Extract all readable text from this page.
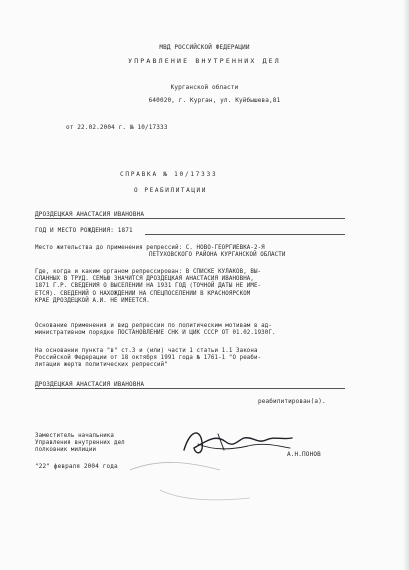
МВД РОССИЙСКОЙ ФЕДЕРАЦИИ
УПРАВЛЕНИЕ ВНУТРЕННИХ ДЕЛ
Курганской области
640020, г. Курган, ул. Куйбышева,81
от 22.02.2004 г. № 10/17333
СПРАВКА № 10/17333
О РЕАБИЛИТАЦИИ
ДРОЗДЕЦКАЯ АНАСТАСИЯ ИВАНОВНА
ГОД И МЕСТО РОЖДЕНИЯ: 1871
Место жительства до применения репрессий: С. НОВО-ГЕОРГИЕВКА-2-Я
ПЕТУХОВСКОГО РАЙОНА КУРГАНСКОЙ ОБЛАСТИ
Где, когда и каким органом репрессирован: В СПИСКЕ КУЛАКОВ, ВЫ-
СЛАННЫХ В ТРУД. СЕМЬЮ ЗНАЧИТСЯ ДРОЗДЕЦКАЯ АНАСТАСИЯ ИВАНОВНА,
1871 Г.Р. СВЕДЕНИЯ О ВЫСЕЛЕНИИ НА 1931 ГОД (ТОЧНОЙ ДАТЫ НЕ ИМЕ-
ЕТСЯ). СВЕДЕНИЙ О НАХОЖДЕНИИ НА СПЕЦПОСЕЛЕНИИ В КРАСНОЯРСКОМ
КРАЕ ДРОЗДЕЦКОЙ А.И. НЕ ИМЕЕТСЯ.
Основание применения и вид репрессии по политическим мотивам в ад-
министративном порядке ПОСТАНОВЛЕНИЕ СНК И ЦИК СССР ОТ 01.02.1930Г.
На основании пункта "в" ст.3 и (или) части 1 статьи 1.1 Закона
Российской Федерации от 18 октября 1991 года № 1761-1 "О реаби-
литации жертв политических репрессий"
ДРОЗДЕЦКАЯ АНАСТАСИЯ ИВАНОВНА
реабилитирован(а).
Заместитель начальника
Управления внутренних дел
полковник милиции
А.Н.ПОНОВ
"22" февраля 2004 года
